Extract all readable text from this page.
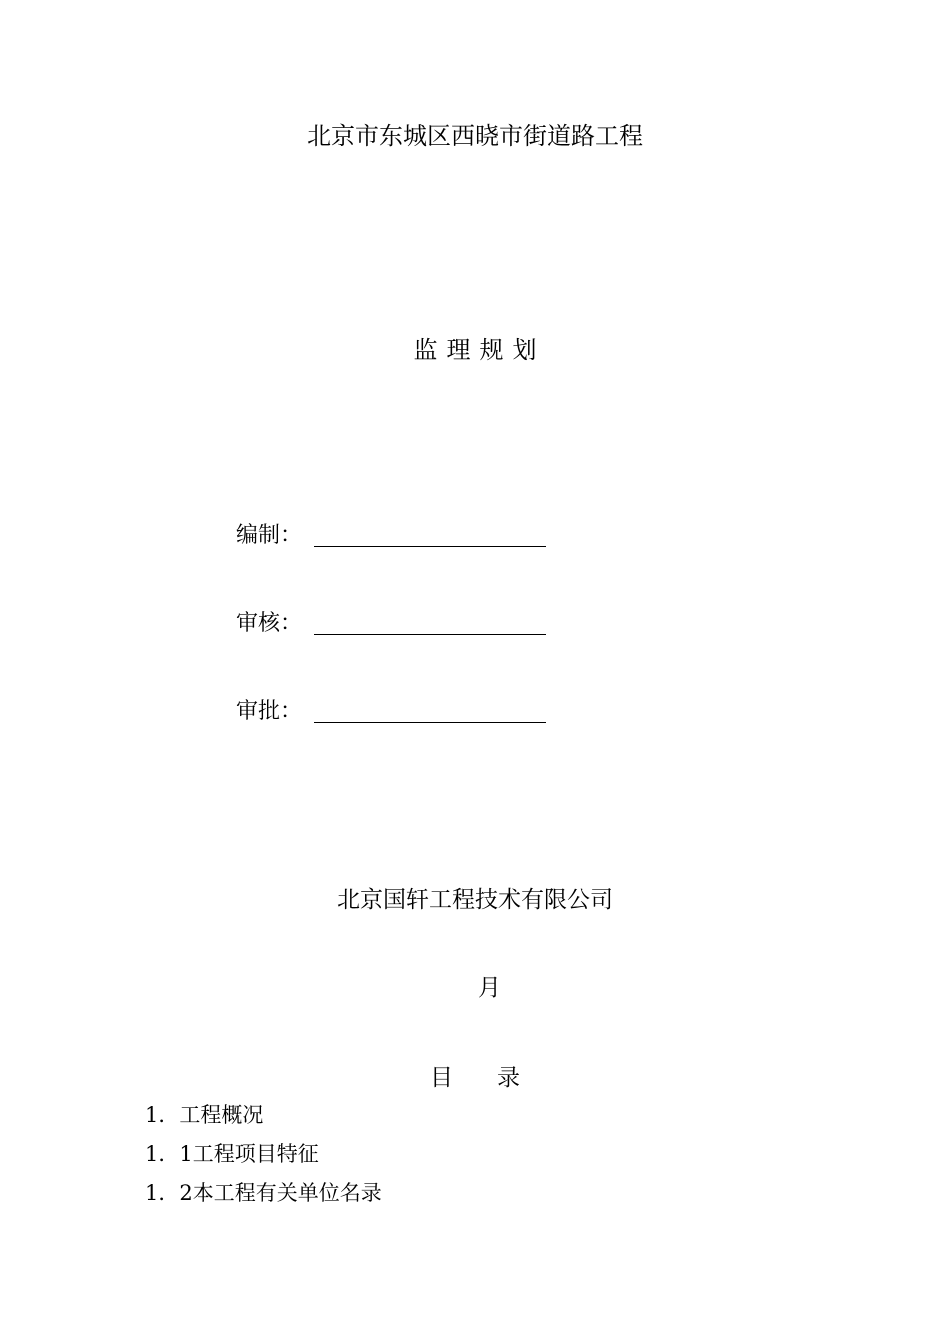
北京市东城区西晓市街道路工程
监理规划
编制：
审核：
审批：
北京国轩工程技术有限公司
月
目录
1．工程概况
1．1工程项目特征
1．2本工程有关单位名录
